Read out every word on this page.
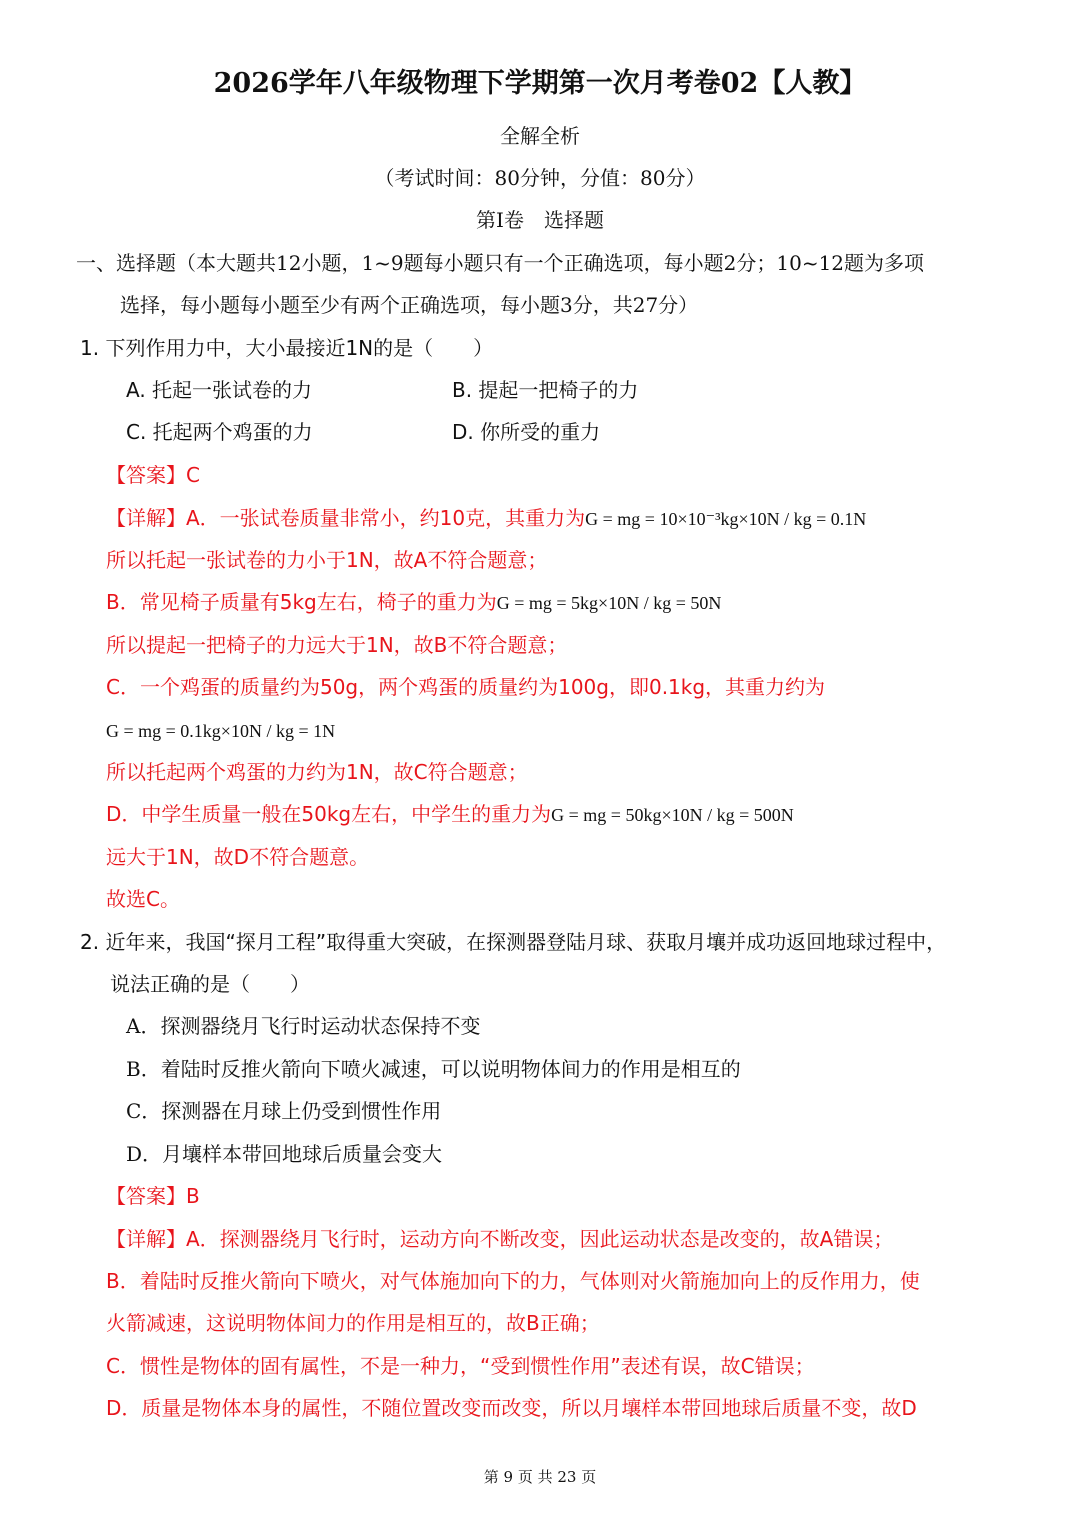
2026学年八年级物理下学期第一次月考卷02【人教】
全解全析
（考试时间：80分钟，分值：80分）
第I卷　选择题
一、选择题（本大题共12小题，1~9题每小题只有一个正确选项，每小题2分；10~12题为多项
选择，每小题每小题至少有两个正确选项，每小题3分，共27分）
1. 下列作用力中，大小最接近1N的是（　　）
A. 托起一张试卷的力	B. 提起一把椅子的力
C. 托起两个鸡蛋的力	D. 你所受的重力
【答案】C
【详解】A．一张试卷质量非常小，约10克，其重力为G = mg = 10×10⁻³kg×10N / kg = 0.1N
所以托起一张试卷的力小于1N，故A不符合题意；
B．常见椅子质量有5kg左右，椅子的重力为G = mg = 5kg×10N / kg = 50N
所以提起一把椅子的力远大于1N，故B不符合题意；
C．一个鸡蛋的质量约为50g，两个鸡蛋的质量约为100g，即0.1kg，其重力约为
G = mg = 0.1kg×10N / kg = 1N
所以托起两个鸡蛋的力约为1N，故C符合题意；
D．中学生质量一般在50kg左右，中学生的重力为G = mg = 50kg×10N / kg = 500N
远大于1N，故D不符合题意。
故选C。
2. 近年来，我国“探月工程”取得重大突破，在探测器登陆月球、获取月壤并成功返回地球过程中，
说法正确的是（　　）
A．探测器绕月飞行时运动状态保持不变
B．着陆时反推火箭向下喷火减速，可以说明物体间力的作用是相互的
C．探测器在月球上仍受到惯性作用
D．月壤样本带回地球后质量会变大
【答案】B
【详解】A．探测器绕月飞行时，运动方向不断改变，因此运动状态是改变的，故A错误；
B．着陆时反推火箭向下喷火，对气体施加向下的力，气体则对火箭施加向上的反作用力，使
火箭减速，这说明物体间力的作用是相互的，故B正确；
C．惯性是物体的固有属性，不是一种力，“受到惯性作用”表述有误，故C错误；
D．质量是物体本身的属性，不随位置改变而改变，所以月壤样本带回地球后质量不变，故D
第 9 页 共 23 页
